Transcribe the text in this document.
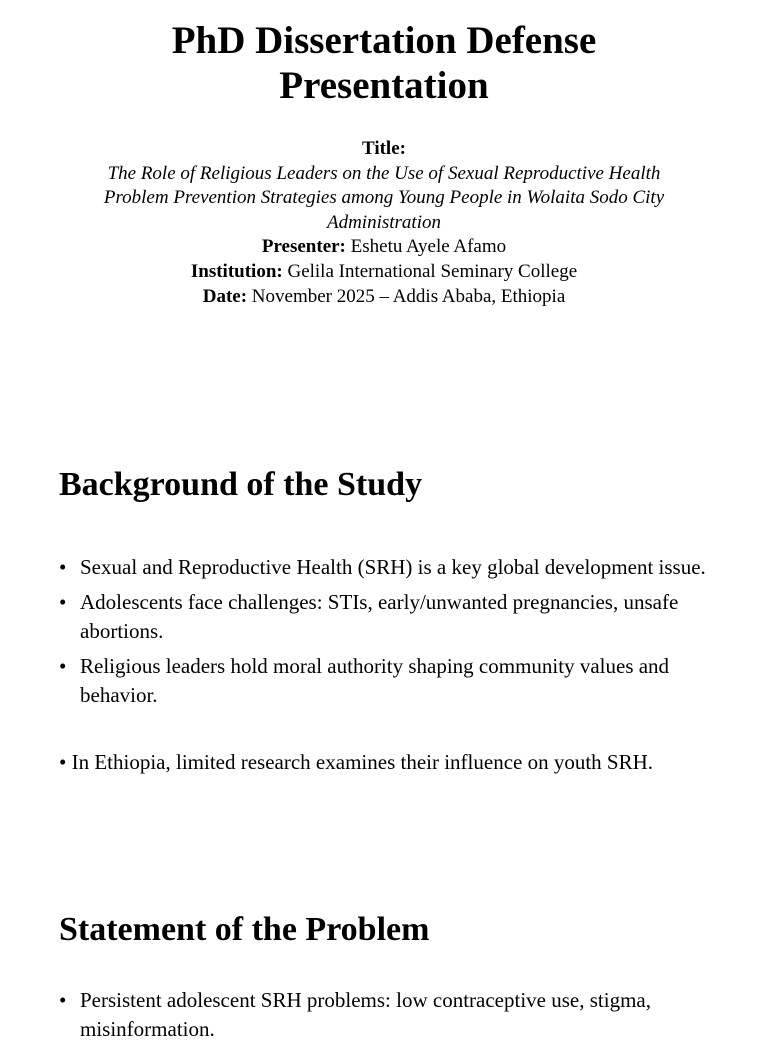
PhD Dissertation Defense
Presentation
Title:
The Role of Religious Leaders on the Use of Sexual Reproductive Health Problem Prevention Strategies among Young People in Wolaita Sodo City Administration
Presenter: Eshetu Ayele Afamo
Institution: Gelila International Seminary College
Date: November 2025 – Addis Ababa, Ethiopia
Background of the Study
• Sexual and Reproductive Health (SRH) is a key global development issue.
• Adolescents face challenges: STIs, early/unwanted pregnancies, unsafe abortions.
• Religious leaders hold moral authority shaping community values and behavior.

• In Ethiopia, limited research examines their influence on youth SRH.

Statement of the Problem
• Persistent adolescent SRH problems: low contraceptive use, stigma, misinformation.
